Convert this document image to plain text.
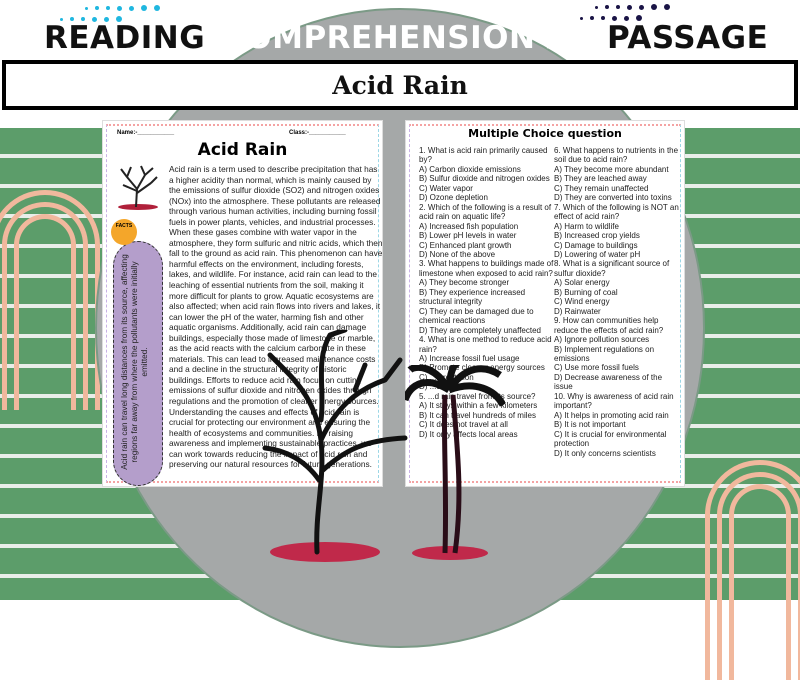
READING COMPREHENSION AND
PASSAGE
Acid Rain
Name:-___________	Class:-___________
Acid Rain
Acid rain is a term used to describe precipitation that has a higher acidity than normal, which is mainly caused by the emissions of sulfur dioxide (SO2) and nitrogen oxides (NOx) into the atmosphere. These pollutants are released through various human activities, including burning fossil fuels in power plants, vehicles, and industrial processes. When these gases combine with water vapor in the atmosphere, they form sulfuric and nitric acids, which then fall to the ground as acid rain. This phenomenon can have harmful effects on the environment, including forests, lakes, and wildlife. For instance, acid rain can lead to the leaching of essential nutrients from the soil, making it more difficult for plants to grow. Aquatic ecosystems are also affected; when acid rain flows into rivers and lakes, it can lower the pH of the water, harming fish and other aquatic organisms. Additionally, acid rain can damage buildings, especially those made of limestone or marble, as the acid reacts with the calcium carbonate in these materials. This can lead to increased maintenance costs and a decline in the structural integrity of historic buildings. Efforts to reduce acid rain focus on cutting emissions of sulfur dioxide and nitrogen oxides through regulations and the promotion of cleaner energy sources. Understanding the causes and effects of acid rain is crucial for protecting our environment and ensuring the health of ecosystems and communities. By raising awareness and implementing sustainable practices, we can work towards reducing the impact of acid rain and preserving our natural resources for future generations.
Acid rain can travel long distances from its source, affecting regions far away from where the pollutants were initially emitted.
FACTS
Multiple Choice question
1. What is acid rain primarily caused by?
A) Carbon dioxide emissions
B) Sulfur dioxide and nitrogen oxides
C) Water vapor
D) Ozone depletion
2. Which of the following is a result of acid rain on aquatic life?
A) Increased fish population
B) Lower pH levels in water
C) Enhanced plant growth
D) None of the above
3. What happens to buildings made of limestone when exposed to acid rain?
A) They become stronger
B) They experience increased structural integrity
C) They can be damaged due to chemical reactions
D) They are completely unaffected
4. What is one method to reduce acid rain?
A) Increase fossil fuel usage
B) Promote cleaner energy sources
C) ...forestation
D) ...ustrial waste
5. ...d rain travel from its source?
A) It stays within a few kilometers
B) It can travel hundreds of miles
C) It does not travel at all
D) It only affects local areas
6. What happens to nutrients in the soil due to acid rain?
A) They become more abundant
B) They are leached away
C) They remain unaffected
D) They are converted into toxins
7. Which of the following is NOT an effect of acid rain?
A) Harm to wildlife
B) Increased crop yields
C) Damage to buildings
D) Lowering of water pH
8. What is a significant source of sulfur dioxide?
A) Solar energy
B) Burning of coal
C) Wind energy
D) Rainwater
9. How can communities help reduce the effects of acid rain?
A) Ignore pollution sources
B) Implement regulations on emissions
C) Use more fossil fuels
D) Decrease awareness of the issue
10. Why is awareness of acid rain important?
A) It helps in promoting acid rain
B) It is not important
C) It is crucial for environmental protection
D) It only concerns scientists
